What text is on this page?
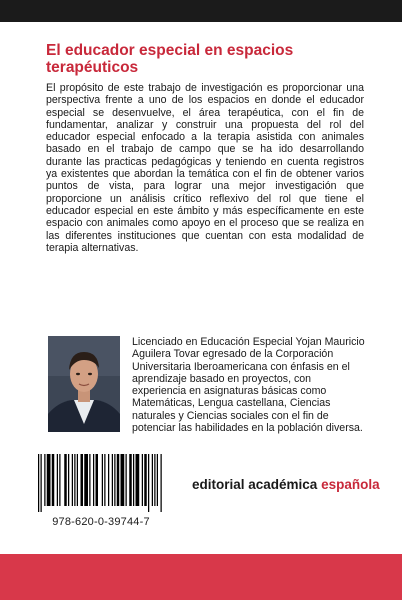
El educador especial en espacios terapéuticos

El propósito de este trabajo de investigación es proporcionar una perspectiva frente a uno de los espacios en donde el educador especial se desenvuelve, el área terapéutica, con el fin de fundamentar, analizar y construir una propuesta del rol del educador especial enfocado a la terapia asistida con animales basado en el trabajo de campo que se ha ido desarrollando durante las practicas pedagógicas y teniendo en cuenta registros ya existentes que abordan la temática con el fin de obtener varios puntos de vista, para lograr una mejor investigación que proporcione un análisis crítico reflexivo del rol que tiene el educador especial en este ámbito y más específicamente en este espacio con animales como apoyo en el proceso que se realiza en las diferentes instituciones que cuentan con esta modalidad de terapia alternativas.

Licenciado en Educación Especial Yojan Mauricio Aguilera Tovar egresado de la Corporación Universitaria Iberoamericana con énfasis en el aprendizaje basado en proyectos, con experiencia en asignaturas básicas como Matemáticas, Lengua castellana, Ciencias naturales y Ciencias sociales con el fin de potenciar las habilidades en la población diversa.

978-620-0-39744-7
editorial académica española
